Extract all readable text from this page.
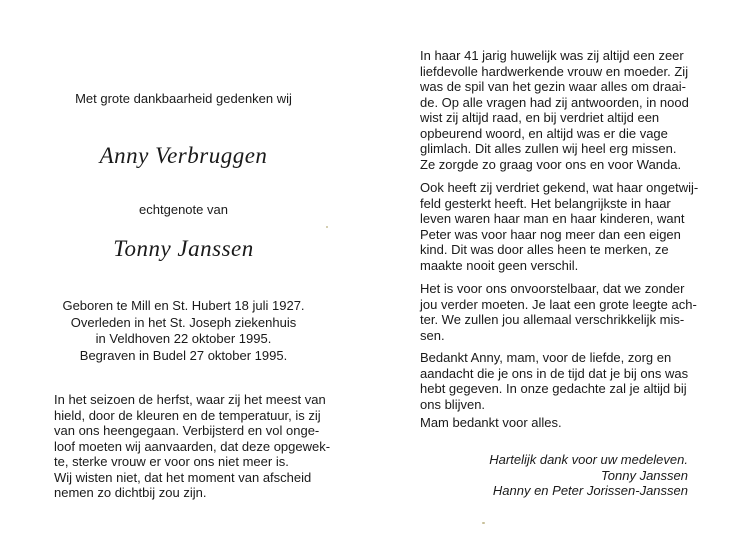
Met grote dankbaarheid gedenken wij
Anny Verbruggen
echtgenote van
Tonny Janssen
Geboren te Mill en St. Hubert 18 juli 1927.
Overleden in het St. Joseph ziekenhuis
in Veldhoven 22 oktober 1995.
Begraven in Budel 27 oktober 1995.
In het seizoen de herfst, waar zij het meest van
hield, door de kleuren en de temperatuur, is zij
van ons heengegaan. Verbijsterd en vol onge-
loof moeten wij aanvaarden, dat deze opgewek-
te, sterke vrouw er voor ons niet meer is.
Wij wisten niet, dat het moment van afscheid
nemen zo dichtbij zou zijn.
In haar 41 jarig huwelijk was zij altijd een zeer
liefdevolle hardwerkende vrouw en moeder. Zij
was de spil van het gezin waar alles om draai-
de. Op alle vragen had zij antwoorden, in nood
wist zij altijd raad, en bij verdriet altijd een
opbeurend woord, en altijd was er die vage
glimlach. Dit alles zullen wij heel erg missen.
Ze zorgde zo graag voor ons en voor Wanda.
Ook heeft zij verdriet gekend, wat haar ongetwij-
feld gesterkt heeft. Het belangrijkste in haar
leven waren haar man en haar kinderen, want
Peter was voor haar nog meer dan een eigen
kind. Dit was door alles heen te merken, ze
maakte nooit geen verschil.
Het is voor ons onvoorstelbaar, dat we zonder
jou verder moeten. Je laat een grote leegte ach-
ter. We zullen jou allemaal verschrikkelijk mis-
sen.
Bedankt Anny, mam, voor de liefde, zorg en
aandacht die je ons in de tijd dat je bij ons was
hebt gegeven. In onze gedachte zal je altijd bij
ons blijven.
Mam bedankt voor alles.
Hartelijk dank voor uw medeleven.
Tonny Janssen
Hanny en Peter Jorissen-Janssen
